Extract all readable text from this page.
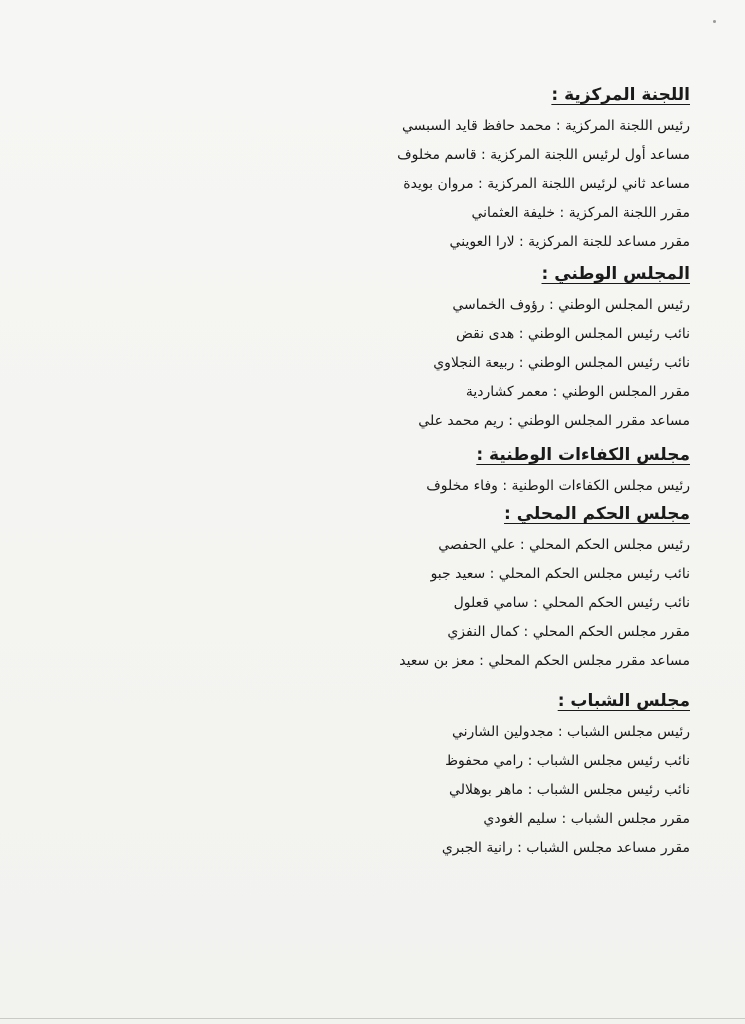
اللجنة المركزية :

رئيس اللجنة المركزية : محمد حافظ قايد السبسي

مساعد أول لرئيس اللجنة المركزية : قاسم مخلوف

مساعد ثاني لرئيس اللجنة المركزية : مروان بويدة

مقرر اللجنة المركزية : خليفة العثماني

مقرر مساعد للجنة المركزية : لارا العويني

المجلس الوطني :

رئيس المجلس الوطني : رؤوف الخماسي

نائب رئيس المجلس الوطني : هدى نقض

نائب رئيس المجلس الوطني : ربيعة النجلاوي

مقرر المجلس الوطني : معمر كشاردية

مساعد مقرر المجلس الوطني : ريم محمد علي

مجلس الكفاءات الوطنية :

رئيس مجلس الكفاءات الوطنية : وفاء مخلوف

مجلس الحكم المحلي :

رئيس مجلس الحكم المحلي : علي الحفصي

نائب رئيس مجلس الحكم المحلي : سعيد جبو

نائب رئيس الحكم المحلي : سامي قعلول

مقرر مجلس الحكم المحلي : كمال النفزي

مساعد مقرر مجلس الحكم المحلي : معز بن سعيد

مجلس الشباب :

رئيس مجلس الشباب : مجدولين الشارني

نائب رئيس مجلس الشباب : رامي محفوظ

نائب رئيس مجلس الشباب : ماهر بوهلالي

مقرر مجلس الشباب : سليم الغودي

مقرر مساعد مجلس الشباب : رانية الجبري
